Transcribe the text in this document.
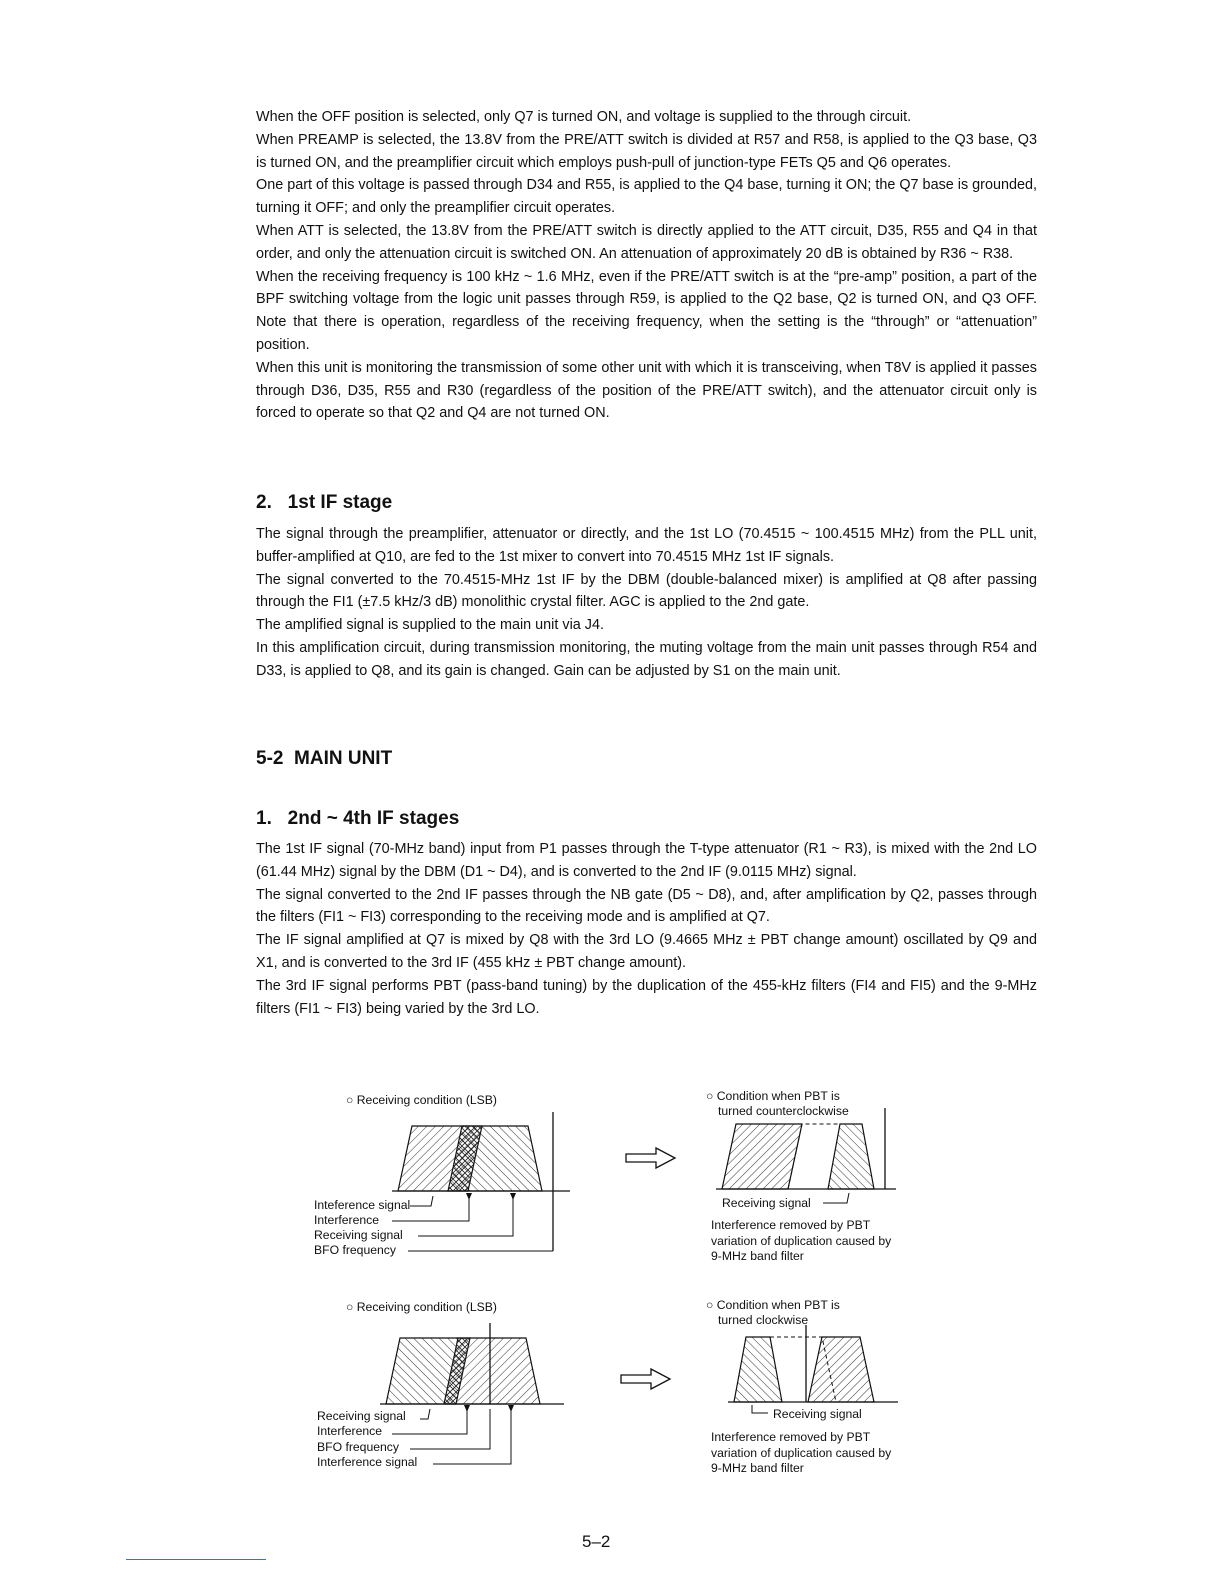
When the OFF position is selected, only Q7 is turned ON, and voltage is supplied to the through circuit.

When PREAMP is selected, the 13.8V from the PRE/ATT switch is divided at R57 and R58, is applied to the Q3 base, Q3 is turned ON, and the preamplifier circuit which employs push-pull of junction-type FETs Q5 and Q6 operates.

One part of this voltage is passed through D34 and R55, is applied to the Q4 base, turning it ON; the Q7 base is grounded, turning it OFF; and only the preamplifier circuit operates.

When ATT is selected, the 13.8V from the PRE/ATT switch is directly applied to the ATT circuit, D35, R55 and Q4 in that order, and only the attenuation circuit is switched ON. An attenuation of approximately 20 dB is obtained by R36 ~ R38.

When the receiving frequency is 100 kHz ~ 1.6 MHz, even if the PRE/ATT switch is at the “pre-amp” position, a part of the BPF switching voltage from the logic unit passes through R59, is applied to the Q2 base, Q2 is turned ON, and Q3 OFF. Note that there is operation, regardless of the receiving frequency, when the setting is the “through” or “attenuation” position.

When this unit is monitoring the transmission of some other unit with which it is transceiving, when T8V is applied it passes through D36, D35, R55 and R30 (regardless of the position of the PRE/ATT switch), and the attenuator circuit only is forced to operate so that Q2 and Q4 are not turned ON.

2.   1st IF stage

The signal through the preamplifier, attenuator or directly, and the 1st LO (70.4515 ~ 100.4515 MHz) from the PLL unit, buffer-amplified at Q10, are fed to the 1st mixer to convert into 70.4515 MHz 1st IF signals.

The signal converted to the 70.4515-MHz 1st IF by the DBM (double-balanced mixer) is amplified at Q8 after passing through the FI1 (±7.5 kHz/3 dB) monolithic crystal filter. AGC is applied to the 2nd gate.

The amplified signal is supplied to the main unit via J4.

In this amplification circuit, during transmission monitoring, the muting voltage from the main unit passes through R54 and D33, is applied to Q8, and its gain is changed. Gain can be adjusted by S1 on the main unit.

5-2  MAIN UNIT
1.   2nd ~ 4th IF stages

The 1st IF signal (70-MHz band) input from P1 passes through the T-type attenuator (R1 ~ R3), is mixed with the 2nd LO (61.44 MHz) signal by the DBM (D1 ~ D4), and is converted to the 2nd IF (9.0115 MHz) signal.

The signal converted to the 2nd IF passes through the NB gate (D5 ~ D8), and, after amplification by Q2, passes through the filters (FI1 ~ FI3) corresponding to the receiving mode and is amplified at Q7.

The IF signal amplified at Q7 is mixed by Q8 with the 3rd LO (9.4665 MHz ± PBT change amount) oscillated by Q9 and X1, and is converted to the 3rd IF (455 kHz ± PBT change amount).

The 3rd IF signal performs PBT (pass-band tuning) by the duplication of the 455-kHz filters (FI4 and FI5) and the 9-MHz filters (FI1 ~ FI3) being varied by the 3rd LO.

○ Receiving condition (LSB)
Inteference signal
Interference
Receiving signal
BFO frequency
○ Condition when PBT is
turned counterclockwise
Receiving signal
Interference removed by PBT variation of duplication caused by 9-MHz band filter
○ Receiving condition (LSB)
Receiving signal
Interference
BFO frequency
Interference signal
○ Condition when PBT is
turned clockwise
Receiving signal
Interference removed by PBT variation of duplication caused by 9-MHz band filter
5–2
